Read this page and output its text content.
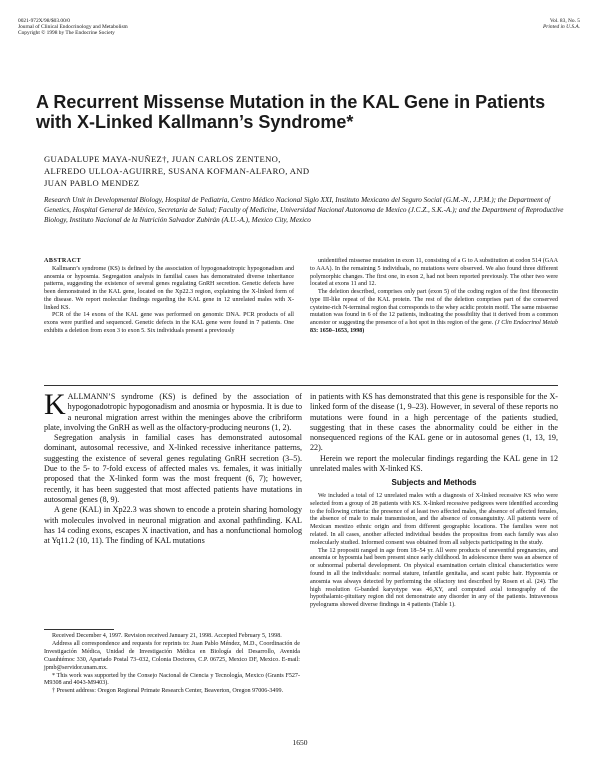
0021-972X/98/$03.00/0
Journal of Clinical Endocrinology and Metabolism
Copyright © 1998 by The Endocrine Society
Vol. 83, No. 5
Printed in U.S.A.
A Recurrent Missense Mutation in the KAL Gene in Patients with X-Linked Kallmann’s Syndrome*
GUADALUPE MAYA-NUÑEZ†, JUAN CARLOS ZENTENO,
ALFREDO ULLOA-AGUIRRE, SUSANA KOFMAN-ALFARO, AND
JUAN PABLO MENDEZ
Research Unit in Developmental Biology, Hospital de Pediatria, Centro Médico Nacional Siglo XXI, Instituto Mexicano del Seguro Social (G.M.-N., J.P.M.); the Department of Genetics, Hospital General de México, Secretaria de Salud; Faculty of Medicine, Universidad Nacional Autonoma de Mexico (J.C.Z., S.K.-A.); and the Department of Reproductive Biology, Instituto Nacional de la Nutrición Salvador Zubirán (A.U.-A.), Mexico City, Mexico
ABSTRACT

Kallmann’s syndrome (KS) is defined by the association of hypogonadotropic hypogonadism and anosmia or hyposmia. Segregation analysis in familial cases has demonstrated diverse inheritance patterns, suggesting the existence of several genes regulating GnRH secretion. Genetic defects have been demonstrated in the KAL gene, located on the Xp22.3 region, explaining the X-linked form of the disease. We report molecular findings regarding the KAL gene in 12 unrelated males with X-linked KS.

PCR of the 14 exons of the KAL gene was performed on genomic DNA. PCR products of all exons were purified and sequenced. Genetic defects in the KAL gene were found in 7 patients. One exhibits a deletion from exon 3 to exon 5. Six individuals present a previously

unidentified missense mutation in exon 11, consisting of a G to A substitution at codon 514 (GAA to AAA). In the remaining 5 individuals, no mutations were observed. We also found three different polymorphic changes. The first one, in exon 2, had not been reported previously. The other two were located at exons 11 and 12.

The deletion described, comprises only part (exon 5) of the coding region of the first fibronectin type III-like repeat of the KAL protein. The rest of the deletion comprises part of the conserved cysteine-rich N-terminal region that corresponds to the whey acidic protein motif. The same missense mutation was found in 6 of the 12 patients, indicating the possibility that it derived from a common ancestor or suggesting the presence of a hot spot in this region of the gene. (J Clin Endocrinol Metab 83: 1650–1653, 1998)

KALLMANN’S syndrome (KS) is defined by the association of hypogonadotropic hypogonadism and anosmia or hyposmia. It is due to a neuronal migration arrest within the meninges above the cribriform plate, involving the GnRH as well as the olfactory-producing neurons (1, 2).

Segregation analysis in familial cases has demonstrated autosomal dominant, autosomal recessive, and X-linked recessive inheritance patterns, suggesting the existence of several genes regulating GnRH secretion (3–5). Due to the 5- to 7-fold excess of affected males vs. females, it was initially proposed that the X-linked form was the most frequent (6, 7); however, recently, it has been suggested that most affected patients have mutations in autosomal genes (8, 9).

A gene (KAL) in Xp22.3 was shown to encode a protein sharing homology with molecules involved in neuronal migration and axonal pathfinding. KAL has 14 coding exons, escapes X inactivation, and has a nonfunctional homolog at Yq11.2 (10, 11). The finding of KAL mutations

in patients with KS has demonstrated that this gene is responsible for the X-linked form of the disease (1, 9–23). However, in several of these reports no mutations were found in a high percentage of the patients studied, suggesting that in these cases the abnormality could be either in the nonsequenced regions of the KAL gene or in autosomal genes (1, 13, 19, 22).

Herein we report the molecular findings regarding the KAL gene in 12 unrelated males with X-linked KS.

Subjects and Methods

We included a total of 12 unrelated males with a diagnosis of X-linked recessive KS who were selected from a group of 28 patients with KS. X-linked recessive pedigrees were identified according to the following criteria: the presence of at least two affected males, the absence of affected females, the absence of male to male transmission, and the absence of consanguinity. All patients were of Mexican mestizo ethnic origin and from different geographic locations. The families were not related. In all cases, another affected individual besides the propositus from each family was also molecularly studied. Informed consent was obtained from all subjects participating in the study.

The 12 propositi ranged in age from 18–54 yr. All were products of uneventful pregnancies, and anosmia or hyposmia had been present since early childhood. In adolescence there was an absence of or subnormal pubertal development. On physical examination certain clinical characteristics were found in all the individuals: normal stature, infantile genitalia, and scant pubic hair. Hyposmia or anosmia was always detected by performing the olfactory test described by Rosen et al. (24). The high resolution G-banded karyotype was 46,XY, and computed axial tomography of the hypothalamic-pituitary region did not demonstrate any disorder in any of the patients. Intravenous pyelograms showed diverse findings in 4 patients (Table 1).

Received December 4, 1997. Revision received January 21, 1998. Accepted February 5, 1998.

Address all correspondence and requests for reprints to: Juan Pablo Méndez, M.D., Coordinación de Investigación Médica, Unidad de Investigación Médica en Biología del Desarrollo, Avenida Cuauhtémoc 330, Apartado Postal 73–032, Colonia Doctores, C.P. 06725, Mexico DF, Mexico. E-mail: jpmb@servidor.unam.mx.

* This work was supported by the Consejo Nacional de Ciencia y Tecnología, Mexico (Grants F527-M9308 and 4043-M9403).

† Present address: Oregon Regional Primate Research Center, Beaverton, Oregon 97006-3499.

1650
